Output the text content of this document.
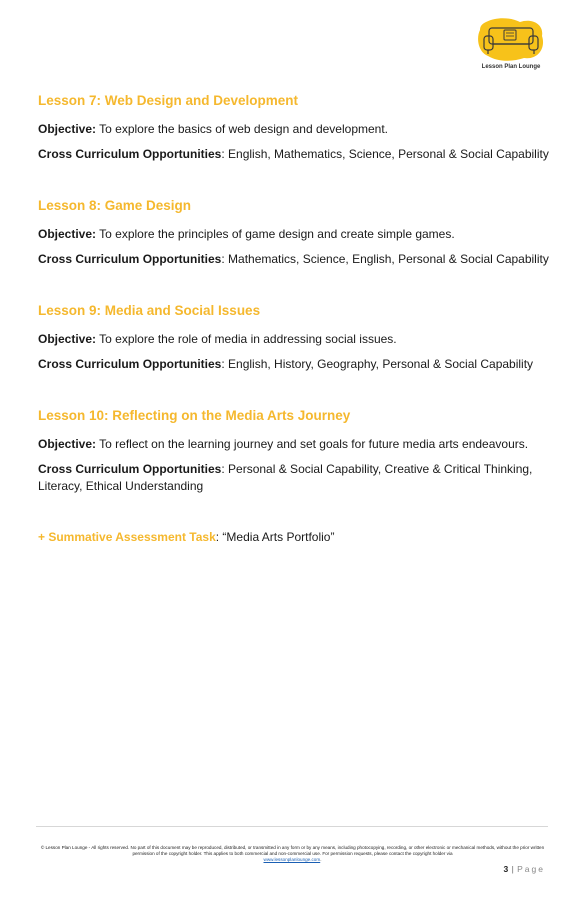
Lesson Plan Lounge
Lesson 7: Web Design and Development
Objective: To explore the basics of web design and development.
Cross Curriculum Opportunities: English, Mathematics, Science, Personal & Social Capability
Lesson 8: Game Design
Objective: To explore the principles of game design and create simple games.
Cross Curriculum Opportunities: Mathematics, Science, English, Personal & Social Capability
Lesson 9: Media and Social Issues
Objective: To explore the role of media in addressing social issues.
Cross Curriculum Opportunities: English, History, Geography, Personal & Social Capability
Lesson 10: Reflecting on the Media Arts Journey
Objective: To reflect on the learning journey and set goals for future media arts endeavours.
Cross Curriculum Opportunities: Personal & Social Capability, Creative & Critical Thinking, Literacy, Ethical Understanding
+ Summative Assessment Task: “Media Arts Portfolio”
© Lesson Plan Lounge - All rights reserved. No part of this document may be reproduced, distributed, or transmitted in any form or by any means, including photocopying, recording, or other electronic or mechanical methods, without the prior written permission of the copyright holder. This applies to both commercial and non-commercial use. For permission requests, please contact the copyright holder via
www.lessonplanlounge.com.
3 | Page
